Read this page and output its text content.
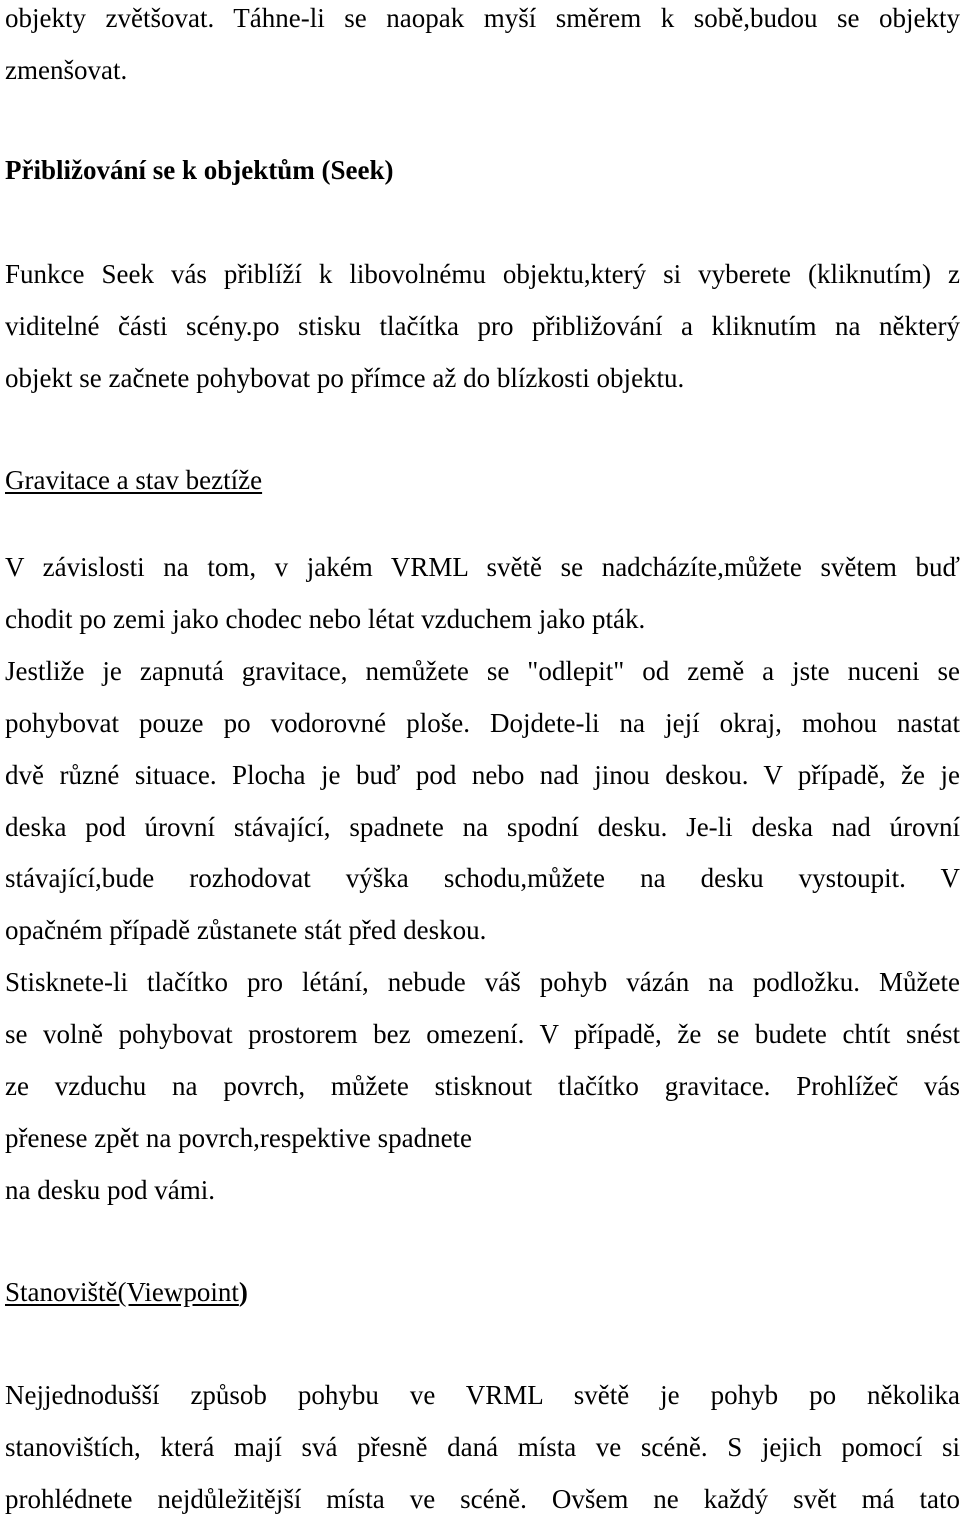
objekty zvětšovat. Táhne-li se naopak myší směrem k sobě,budou se objekty

zmenšovat.

Přibližování se k objektům (Seek)

Funkce Seek vás přiblíží k libovolnému objektu,který si vyberete (kliknutím) z

viditelné části scény.po stisku tlačítka pro přibližování a kliknutím na některý

objekt se začnete pohybovat po přímce až do blízkosti objektu.

Gravitace a stav beztíže

V závislosti na tom, v jakém VRML světě se nadcházíte,můžete světem buď

chodit po zemi jako chodec nebo létat vzduchem jako pták.

Jestliže je zapnutá gravitace, nemůžete se "odlepit" od země a jste nuceni se

pohybovat pouze po vodorovné ploše. Dojdete-li na její okraj, mohou nastat

dvě různé situace. Plocha je buď pod nebo nad jinou deskou. V případě, že je

deska pod úrovní stávající, spadnete na spodní desku. Je-li deska nad úrovní

stávající,bude rozhodovat výška schodu,můžete na desku vystoupit. V

opačném případě zůstanete stát před deskou.

Stisknete-li tlačítko pro létání, nebude váš pohyb vázán na podložku. Můžete

se volně pohybovat prostorem bez omezení. V případě, že se budete chtít snést

ze vzduchu na povrch, můžete stisknout tlačítko gravitace. Prohlížeč vás

přenese zpět na povrch,respektive spadnete

na desku pod vámi.

Stanoviště(Viewpoint)

Nejjednodušší způsob pohybu ve VRML světě je pohyb po několika

stanovištích, která mají svá přesně daná místa ve scéně. S jejich pomocí si

prohlédnete nejdůležitější místa ve scéně. Ovšem ne každý svět má tato
